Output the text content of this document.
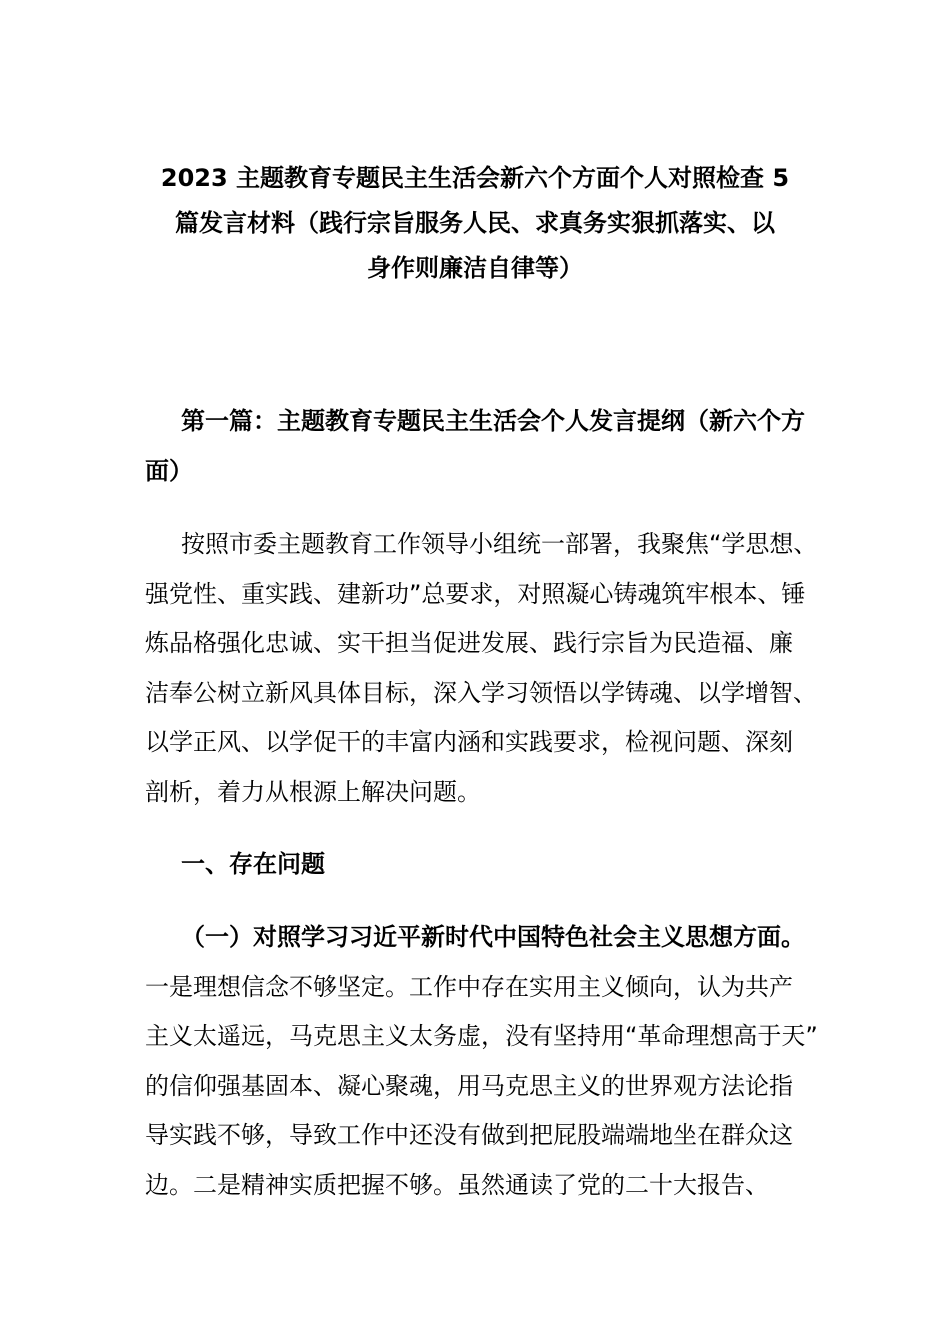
2023 主题教育专题民主生活会新六个方面个人对照检查 5
篇发言材料（践行宗旨服务人民、求真务实狠抓落实、以
身作则廉洁自律等）
第一篇：主题教育专题民主生活会个人发言提纲（新六个方
面）
按照市委主题教育工作领导小组统一部署，我聚焦“学思想、
强党性、重实践、建新功”总要求，对照凝心铸魂筑牢根本、锤
炼品格强化忠诚、实干担当促进发展、践行宗旨为民造福、廉
洁奉公树立新风具体目标，深入学习领悟以学铸魂、以学增智、
以学正风、以学促干的丰富内涵和实践要求，检视问题、深刻
剖析，着力从根源上解决问题。
一、存在问题
（一）对照学习习近平新时代中国特色社会主义思想方面。
一是理想信念不够坚定。工作中存在实用主义倾向，认为共产
主义太遥远，马克思主义太务虚，没有坚持用“革命理想高于天”
的信仰强基固本、凝心聚魂，用马克思主义的世界观方法论指
导实践不够，导致工作中还没有做到把屁股端端地坐在群众这
边。二是精神实质把握不够。虽然通读了党的二十大报告、
